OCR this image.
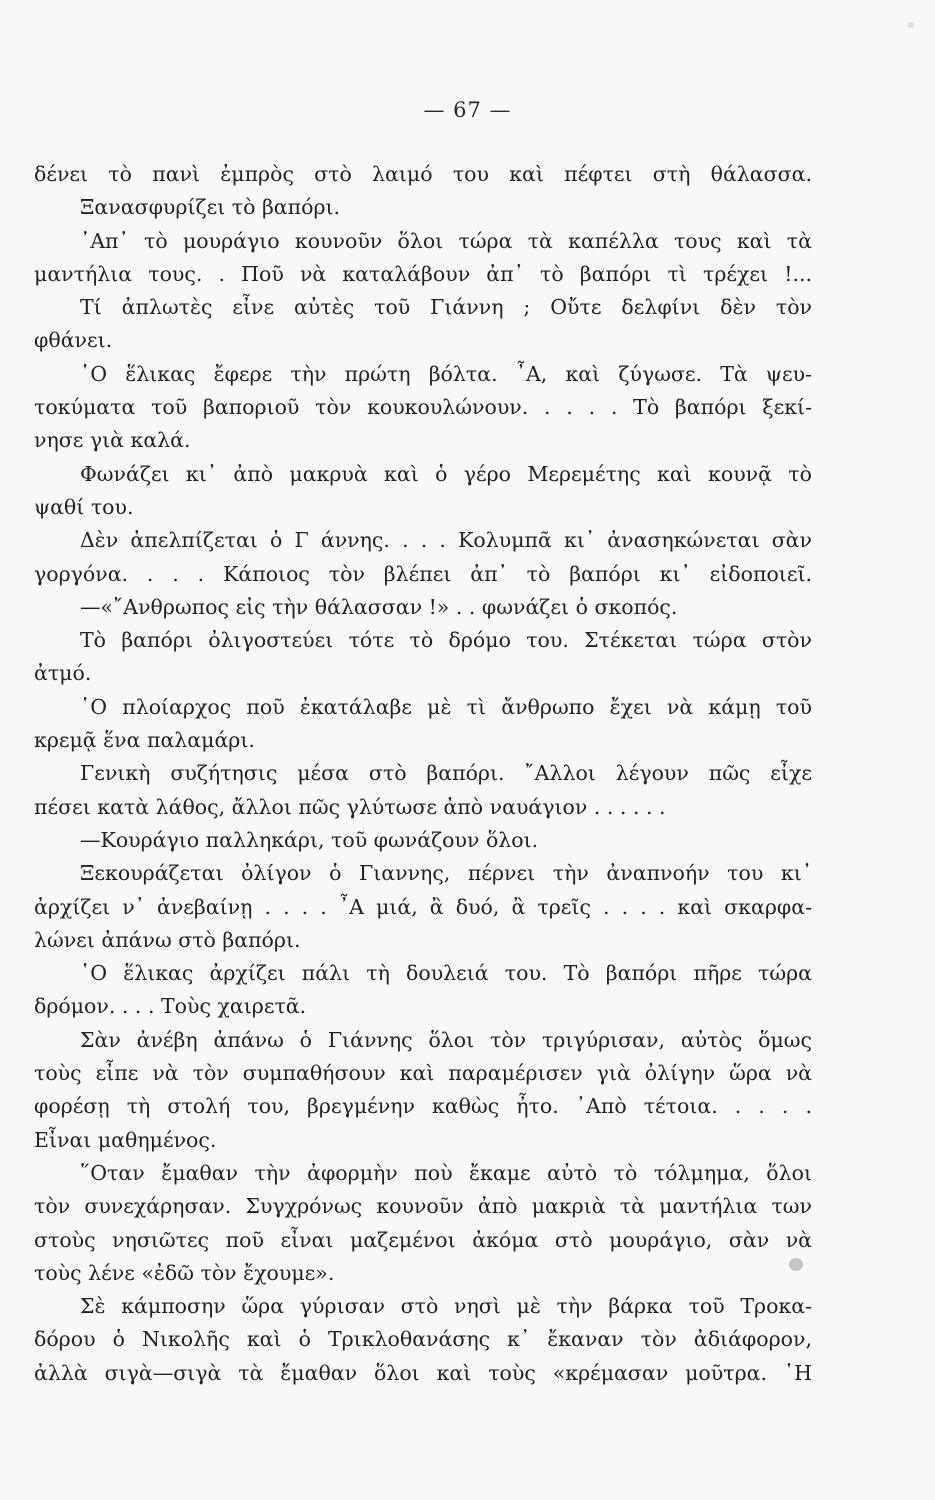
— 67 —
δένει τὸ πανὶ ἐμπρὸς στὸ λαιμό του καὶ πέφτει στὴ θάλασσα.
Ξανασφυρίζει τὸ βαπόρι.
᾽Απ᾽ τὸ μουράγιο κουνοῦν ὅλοι τώρα τὰ καπέλλα τους καὶ τὰ
μαντήλια τους. . Ποῦ νὰ καταλάβουν ἀπ᾽ τὸ βαπόρι τὶ τρέχει !...
Τί ἀπλωτὲς εἶνε αὐτὲς τοῦ Γιάννη ; Οὔτε δελφίνι δὲν τὸν
φθάνει.
῾Ο ἕλικας ἔφερε τὴν πρώτη βόλτα. ῏Α, καὶ ζύγωσε. Τὰ ψευ-
τοκύματα τοῦ βαποριοῦ τὸν κουκουλώνουν. . . . . Τὸ βαπόρι ξεκί-
νησε γιὰ καλά.
Φωνάζει κι᾽ ἀπὸ μακρυὰ καὶ ὁ γέρο Μερεμέτης καὶ κουνᾷ τὸ
ψαθί του.
Δὲν ἀπελπίζεται ὁ Γ άννης. . . . Κολυμπᾶ κι᾽ ἀνασηκώνεται σὰν
γοργόνα. . . . Κάποιος τὸν βλέπει ἀπ᾽ τὸ βαπόρι κι᾽ εἰδοποιεῖ.
—«῎Ανθρωπος εἰς τὴν θάλασσαν !» . . φωνάζει ὁ σκοπός.
Τὸ βαπόρι ὀλιγοστεύει τότε τὸ δρόμο του. Στέκεται τώρα στὸν
ἀτμό.
῾Ο πλοίαρχος ποῦ ἐκατάλαβε μὲ τὶ ἄνθρωπο ἔχει νὰ κάμῃ τοῦ
κρεμᾷ ἕνα παλαμάρι.
Γενικὴ συζήτησις μέσα στὸ βαπόρι. ῎Αλλοι λέγουν πῶς εἶχε
πέσει κατὰ λάθος, ἄλλοι πῶς γλύτωσε ἀπὸ ναυάγιον . . . . . .
—Κουράγιο παλληκάρι, τοῦ φωνάζουν ὅλοι.
Ξεκουράζεται ὀλίγον ὁ Γιαννης, πέρνει τὴν ἀναπνοήν του κι᾽
ἀρχίζει ν᾽ ἀνεβαίνῃ . . . . ῏Α μιά, ἂ δυό, ἂ τρεῖς . . . . καὶ σκαρφα-
λώνει ἀπάνω στὸ βαπόρι.
῾Ο ἕλικας ἀρχίζει πάλι τὴ δουλειά του. Τὸ βαπόρι πῆρε τώρα
δρόμον. . . . Τοὺς χαιρετᾶ.
Σὰν ἀνέβη ἀπάνω ὁ Γιάννης ὅλοι τὸν τριγύρισαν, αὐτὸς ὅμως
τοὺς εἶπε νὰ τὸν συμπαθήσουν καὶ παραμέρισεν γιὰ ὀλίγην ὥρα νὰ
φορέσῃ τὴ στολή του, βρεγμένην καθὼς ἦτο. ᾽Απὸ τέτοια. . . . .
Εἶναι μαθημένος.
῞Οταν ἔμαθαν τὴν ἀφορμὴν ποὺ ἔκαμε αὐτὸ τὸ τόλμημα, ὅλοι
τὸν συνεχάρησαν. Συγχρόνως κουνοῦν ἀπὸ μακριὰ τὰ μαντήλια των
στοὺς νησιῶτες ποῦ εἶναι μαζεμένοι ἀκόμα στὸ μουράγιο, σὰν νὰ
τοὺς λένε «ἐδῶ τὸν ἔχουμε».
Σὲ κάμποσην ὥρα γύρισαν στὸ νησὶ μὲ τὴν βάρκα τοῦ Τροκα-
δόρου ὁ Νικολῆς καὶ ὁ Τρικλοθανάσης κ᾽ ἔκαναν τὸν ἀδιάφορον,
ἀλλὰ σιγὰ—σιγὰ τὰ ἔμαθαν ὅλοι καὶ τοὺς «κρέμασαν μοῦτρα. ῾Η
